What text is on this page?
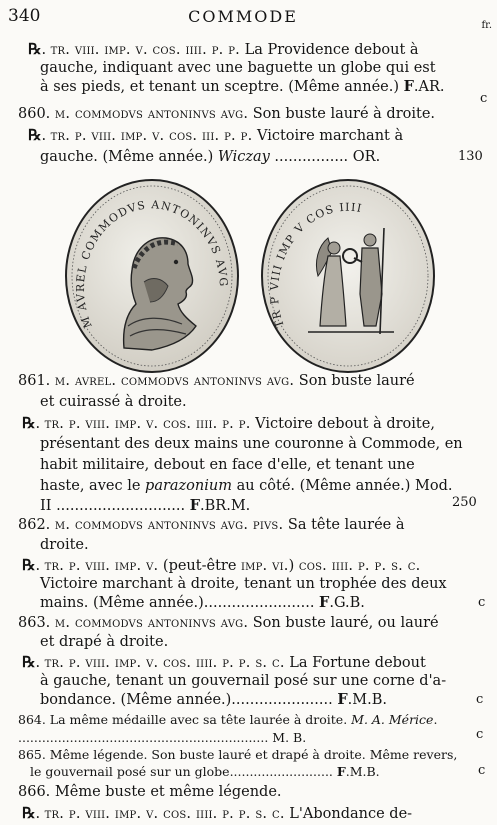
340	COMMODE	fr.
℞. tr. viii. imp. v. cos. iiii. p. p. La Providence debout à
gauche, indiquant avec une baguette un globe qui est
à ses pieds, et tenant un sceptre. (Même année.) F.AR.
860. m. commodvs antoninvs avg. Son buste lauré à droite.
℞. tr. p. viii. imp. v. cos. iii. p. p. Victoire marchant à
gauche. (Même année.) Wiczay ................ OR.
861. m. avrel. commodvs antoninvs avg. Son buste lauré
et cuirassé à droite.
℞. tr. p. viii. imp. v. cos. iiii. p. p. Victoire debout à droite,
présentant des deux mains une couronne à Commode, en
habit militaire, debout en face d'elle, et tenant une
haste, avec le parazonium au côté. (Même année.) Mod.
II ............................ F.BR.M.
862. m. commodvs antoninvs avg. pivs. Sa tête laurée à
droite.
℞. tr. p. viii. imp. v. (peut-être imp. vi.) cos. iiii. p. p. s. c.
Victoire marchant à droite, tenant un trophée des deux
mains. (Même année.)........................ F.G.B.
863. m. commodvs antoninvs avg. Son buste lauré, ou lauré
et drapé à droite.
℞. tr. p. viii. imp. v. cos. iiii. p. p. s. c. La Fortune debout
à gauche, tenant un gouvernail posé sur une corne d'a-
bondance. (Même année.)...................... F.M.B.
864. La même médaille avec sa tête laurée à droite. M. A. Mérice.
............................................................... M. B.
865. Même légende. Son buste lauré et drapé à droite. Même revers,
le gouvernail posé sur un globe.......................... F.M.B.
866. Même buste et même légende.
℞. tr. p. viii. imp. v. cos. iiii. p. p. s. c. L'Abondance de-
c
130
250
c
c
c
c
M AVREL COMMODVS ANTONINVS AVG
TR P VIII IMP V COS IIII
